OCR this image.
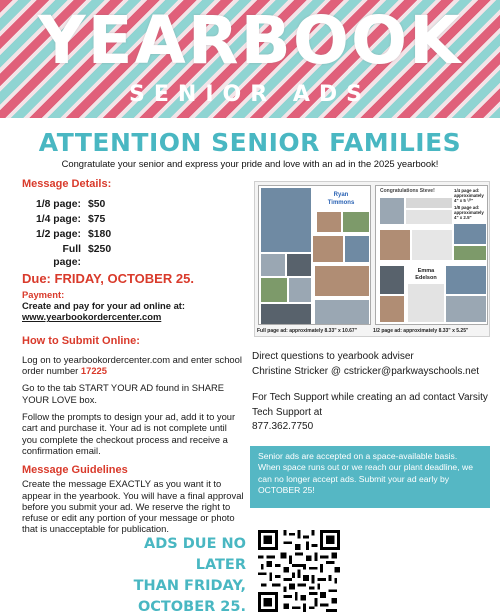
YEARBOOK
SENIOR ADS
ATTENTION SENIOR FAMILIES
Congratulate your senior and express your pride and love with an ad in the 2025 yearbook!
Message Details:
1/8 page: $50
1/4 page: $75
1/2 page: $180
Full page:
$250
Due: FRIDAY, OCTOBER 25.
Payment:
Create and pay for your ad online at:
www.yearbookordercenter.com
How to Submit Online:

Log on to yearbookordercenter.com and enter school order number 17225

Go to the tab START YOUR AD found in SHARE YOUR LOVE box.

Follow the prompts to design your ad, add it to your cart and purchase it. Your ad is not complete until you complete the checkout process and receive a confirmation email.

Message Guidelines

Create the message EXACTLY as you want it to appear in the yearbook. You will have a final approval before you submit your ad. We reserve the right to refuse or edit any portion of your message or photo that is unacceptable for publication.

Ryan
Timmons
Congratulations Steve!
Emma
Edelson
1/4 page ad: approximately 4" x 5 ¹/²"
1/8 page ad: approximately 4" x 2.5"
Full page ad: approximately 8.33" x 10.67"	1/2 page ad: approximately 8.33" x 5.25"

Direct questions to yearbook adviser
Christine Stricker @ cstricker@parkwayschools.net

For Tech Support while creating an ad contact Varsity Tech Support at
877.362.7750

Senior ads are accepted on a space-available basis. When space runs out or we reach our plant deadline, we can no longer accept ads. Submit your ad early by OCTOBER 25!
ADS DUE NO LATER
THAN FRIDAY,
OCTOBER 25.
